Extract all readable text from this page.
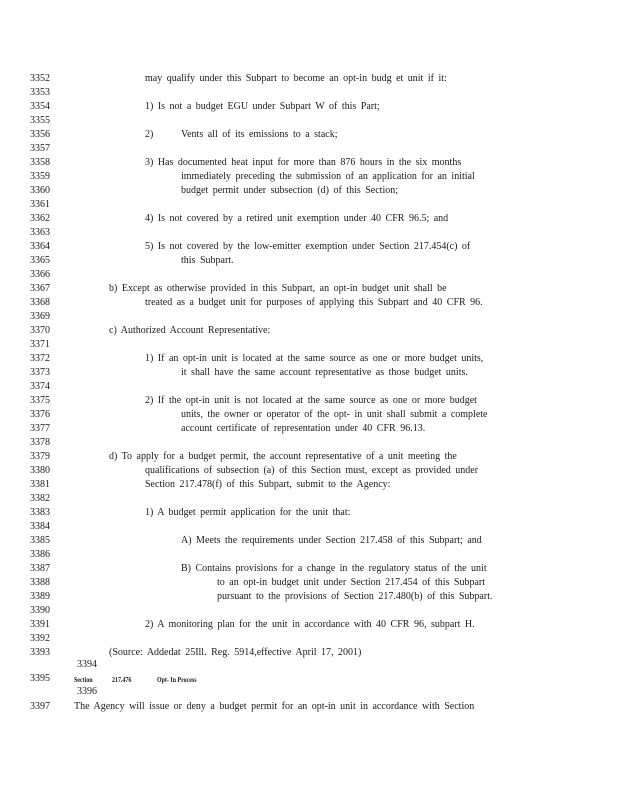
3352
3353
3354
3355
3356
3357
3358
3359
3360
3361
3362
3363
3364
3365
3366
3367
3368
3369
3370
3371
3372
3373
3374
3375
3376
3377
3378
3379
3380
3381
3382
3383
3384
3385
3386
3387
3388
3389
3390
3391
3392
3393
3394
3395
3396
3397
may qualify under this Subpart to become an opt-in budg et unit if it:
1) Is not a budget EGU under Subpart W of this Part;
2)	Vents all of its emissions to a stack;
3) Has documented heat input for more than 876 hours in the six months
immediately preceding the submission of an application for an initial
budget permit under subsection (d) of this Section;
4) Is not covered by a retired unit exemption under 40 CFR 96.5; and
5) Is not covered by the low-emitter exemption under Section 217.454(c) of
this Subpart.
b) Except as otherwise provided in this Subpart, an opt-in budget unit shall be
treated as a budget unit for purposes of applying this Subpart and 40 CFR 96.
c) Authorized Account Representative:
1) If an opt-in unit is located at the same source as one or more budget units,
it shall have the same account representative as those budget units.
2) If the opt-in unit is not located at the same source as one or more budget
units, the owner or operator of the opt- in unit shall submit a complete
account certificate of representation under 40 CFR 96.13.
d) To apply for a budget permit, the account representative of a unit meeting the
qualifications of subsection (a) of this Section must, except as provided under
Section 217.478(f) of this Subpart, submit to the Agency:
1) A budget permit application for the unit that:
A) Meets the requirements under Section 217.458 of this Subpart; and
B) Contains provisions for a change in the regulatory status of the unit
to an opt-in budget unit under Section 217.454 of this Subpart
pursuant to the provisions of Section 217.480(b) of this Subpart.
2) A monitoring plan for the unit in accordance with 40 CFR 96, subpart H.
(Source: Addedat 25Ill. Reg. 5914,effective April 17, 2001)
Section	217.476	Opt- In Process
The Agency will issue or deny a budget permit for an opt-in unit in accordance with Section
